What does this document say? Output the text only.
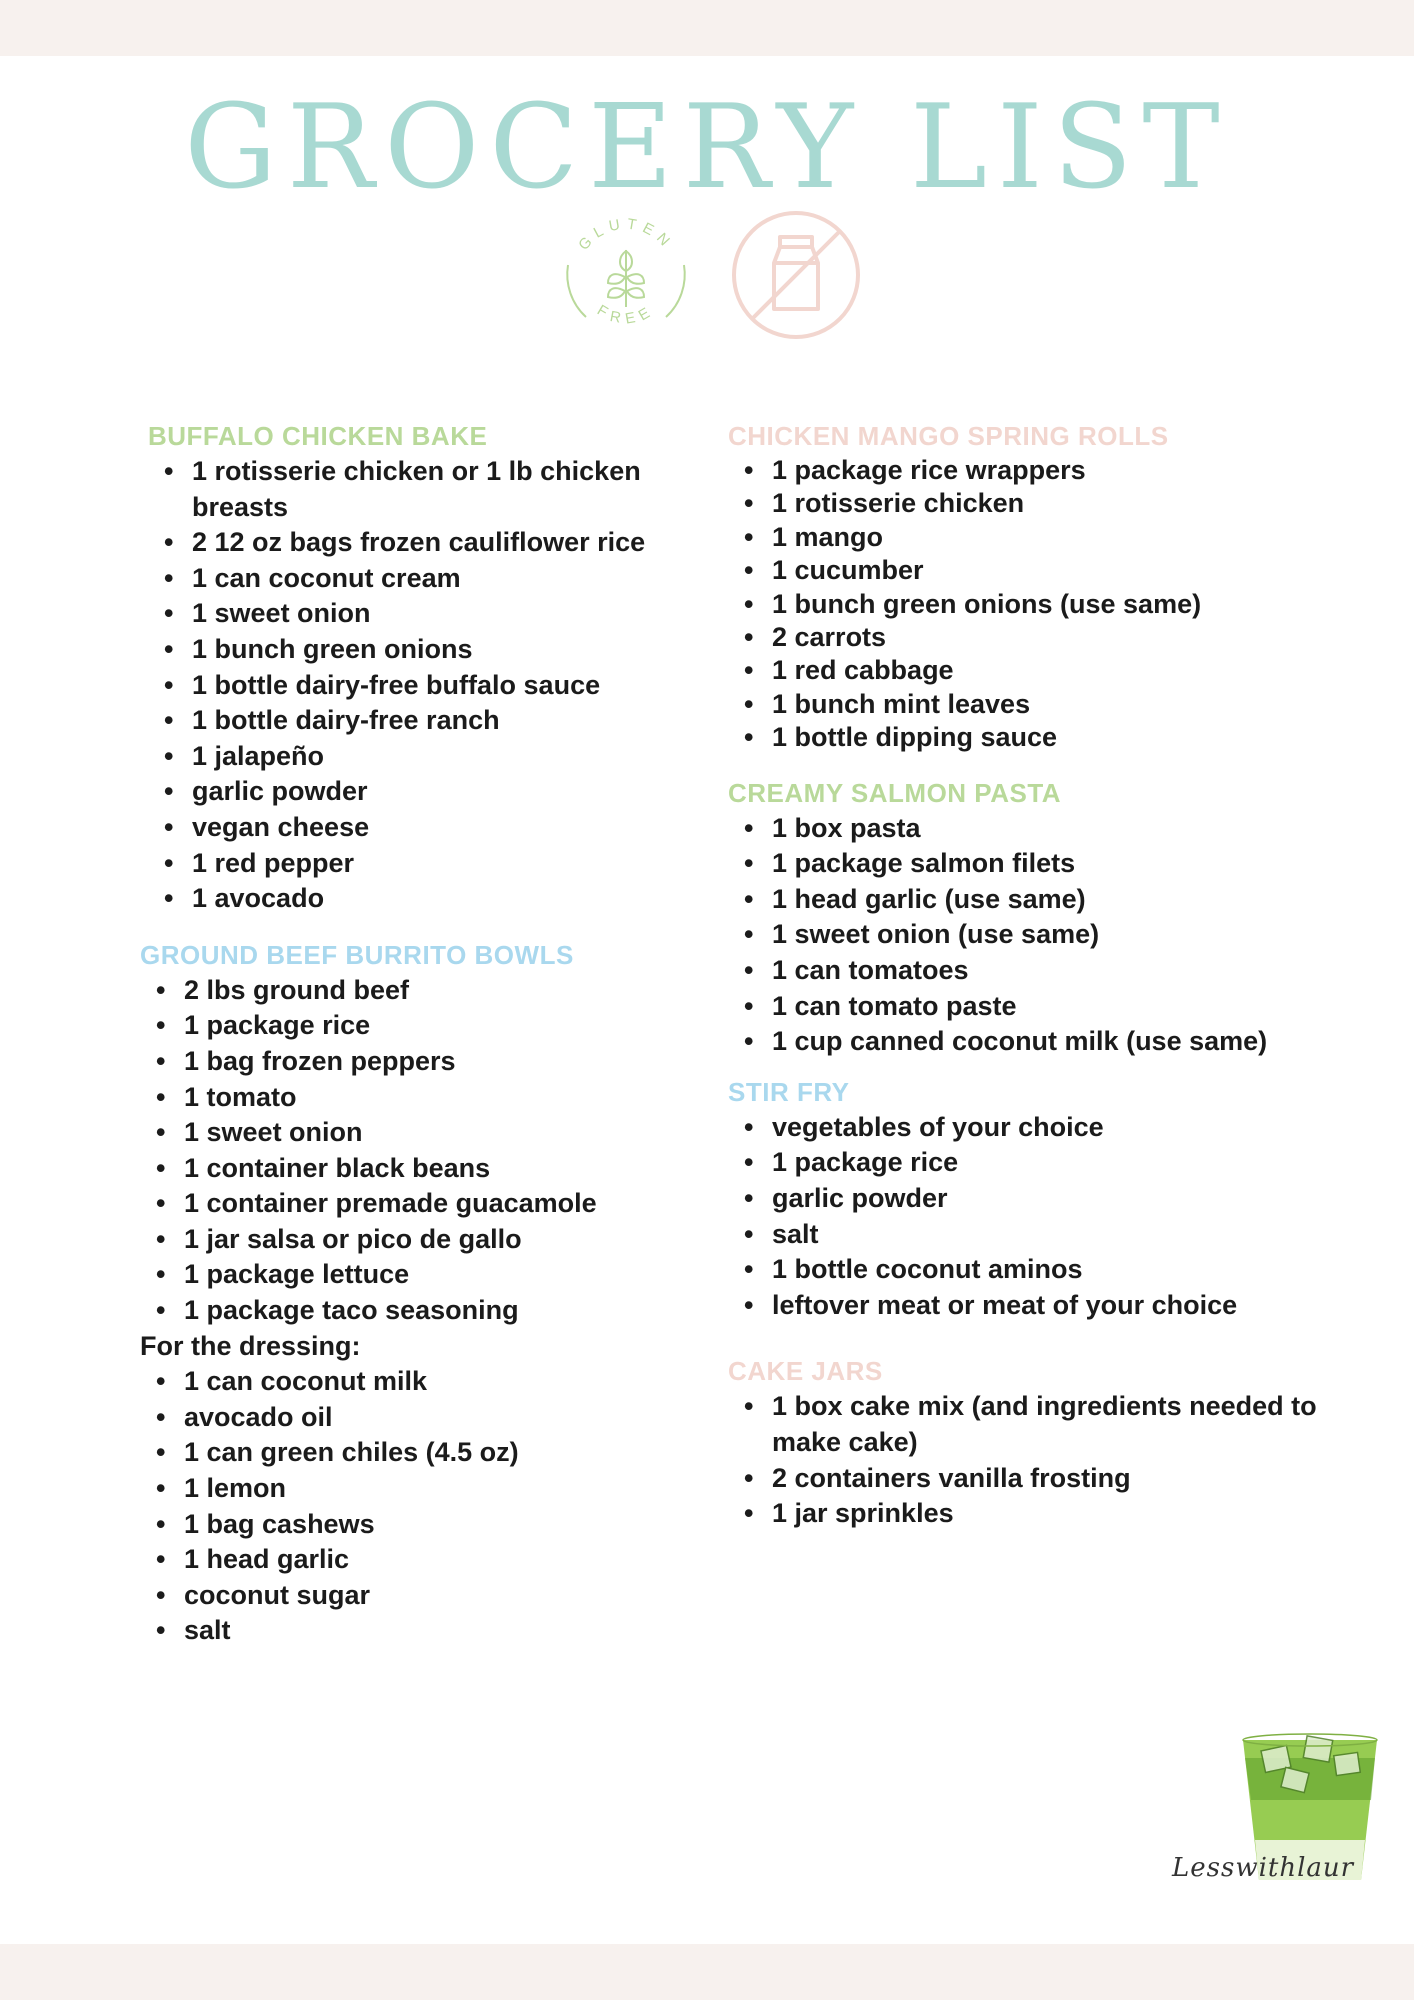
GROCERY LIST
GLUTEN
FREE
BUFFALO CHICKEN BAKE
• 1 rotisserie chicken or 1 lb chicken breasts
• 2 12 oz bags frozen cauliflower rice
• 1 can coconut cream
• 1 sweet onion
• 1 bunch green onions
• 1 bottle dairy-free buffalo sauce
• 1 bottle dairy-free ranch
• 1 jalapeño
• garlic powder
• vegan cheese
• 1 red pepper
• 1 avocado
GROUND BEEF BURRITO BOWLS
• 2 lbs ground beef
• 1 package rice
• 1 bag frozen peppers
• 1 tomato
• 1 sweet onion
• 1 container black beans
• 1 container premade guacamole
• 1 jar salsa or pico de gallo
• 1 package lettuce
• 1 package taco seasoning

For the dressing:

• 1 can coconut milk
• avocado oil
• 1 can green chiles (4.5 oz)
• 1 lemon
• 1 bag cashews
• 1 head garlic
• coconut sugar
• salt
CHICKEN MANGO SPRING ROLLS
• 1 package rice wrappers
• 1 rotisserie chicken
• 1 mango
• 1 cucumber
• 1 bunch green onions (use same)
• 2 carrots
• 1 red cabbage
• 1 bunch mint leaves
• 1 bottle dipping sauce
CREAMY SALMON PASTA
• 1 box pasta
• 1 package salmon filets
• 1 head garlic (use same)
• 1 sweet onion (use same)
• 1 can tomatoes
• 1 can tomato paste
• 1 cup canned coconut milk (use same)
STIR FRY
• vegetables of your choice
• 1 package rice
• garlic powder
• salt
• 1 bottle coconut aminos
• leftover meat or meat of your choice
CAKE JARS
• 1 box cake mix (and ingredients needed to make cake)
• 2 containers vanilla frosting
• 1 jar sprinkles
Lesswithlaur
